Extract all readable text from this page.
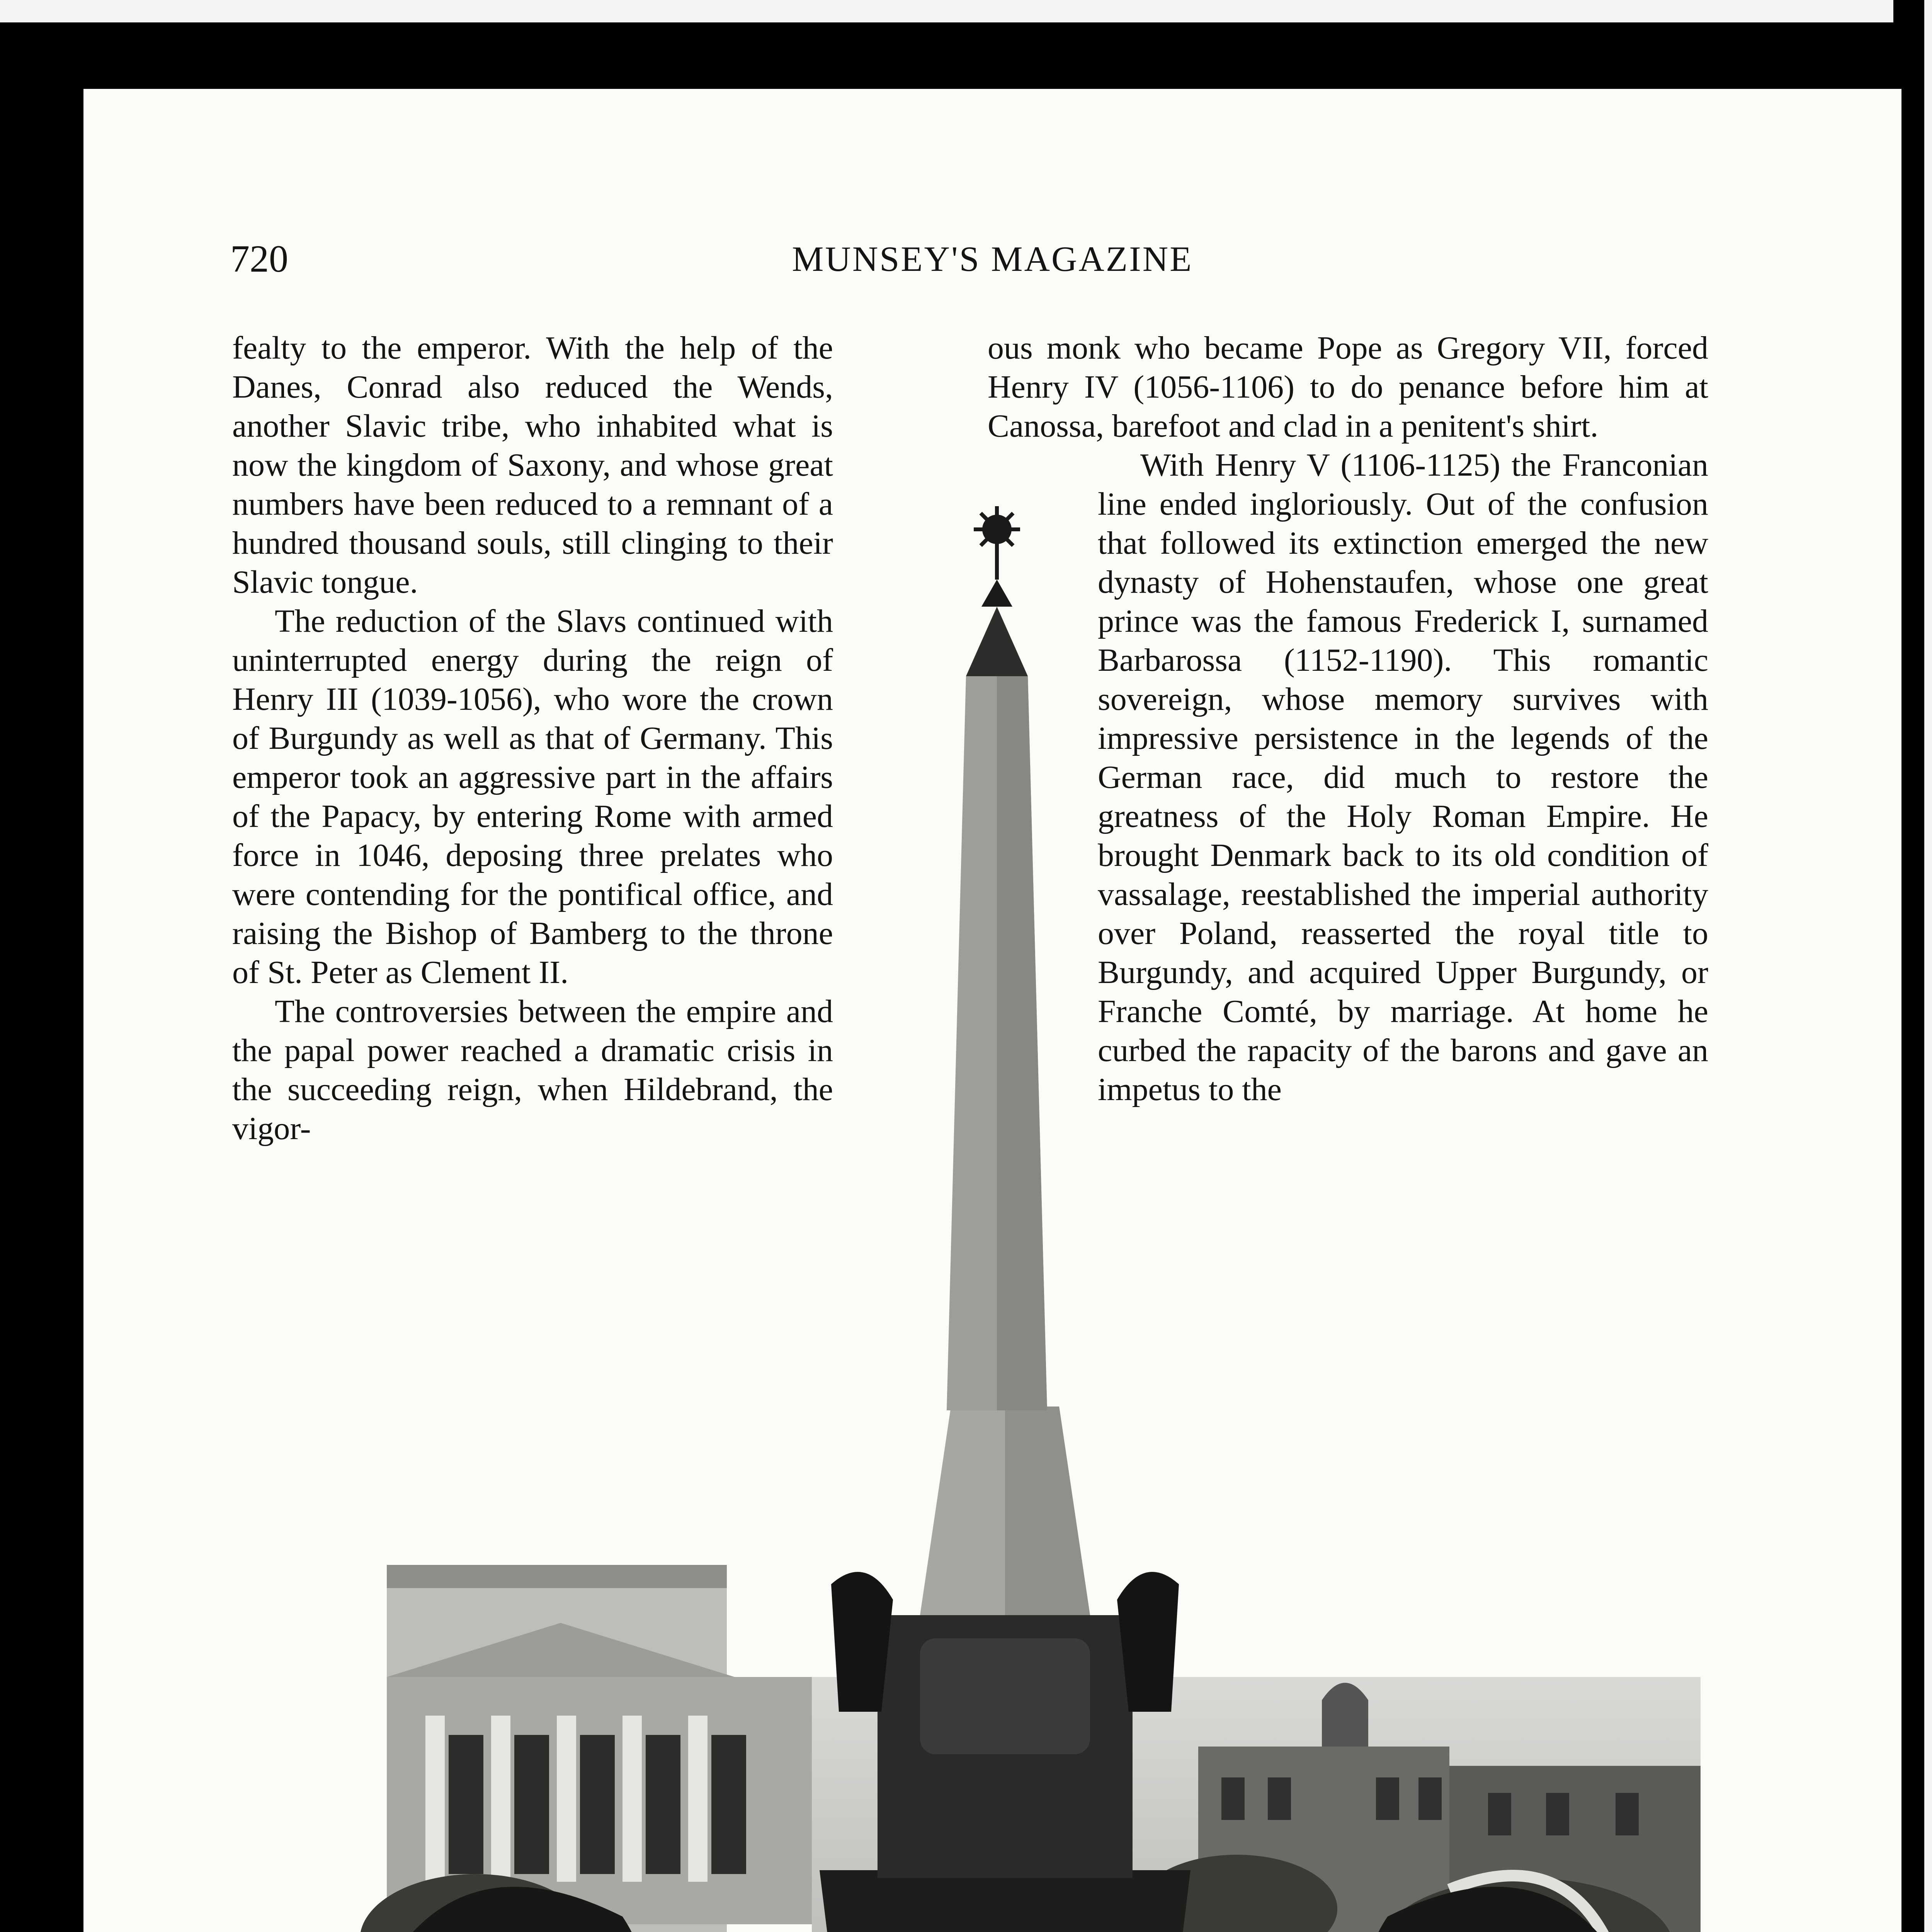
720	MUNSEY'S MAGAZINE

fealty to the emperor. With the help of the Danes, Conrad also reduced the Wends, another Slavic tribe, who inhabited what is now the kingdom of Saxony, and whose great numbers have been reduced to a remnant of a hundred thousand souls, still clinging to their Slavic tongue.

The reduction of the Slavs continued with uninterrupted energy during the reign of Henry III (1039-1056), who wore the crown of Burgundy as well as that of Germany. This emperor took an aggressive part in the affairs of the Papacy, by entering Rome with armed force in 1046, deposing three prelates who were contending for the pontifical office, and raising the Bishop of Bamberg to the throne of St. Peter as Clement II.

The controversies between the empire and the papal power reached a dramatic crisis in the succeeding reign, when Hildebrand, the vigor-

ous monk who became Pope as Gregory VII, forced Henry IV (1056-1106) to do penance before him at Canossa, barefoot and clad in a penitent's shirt.

With Henry V (1106-1125) the Franconian line ended ingloriously. Out of the confusion that followed its extinction emerged the new dynasty of Hohenstaufen, whose one great prince was the famous Frederick I, surnamed Barbarossa (1152-1190). This romantic sovereign, whose memory survives with impressive persistence in the legends of the German race, did much to restore the greatness of the Holy Roman Empire. He brought Denmark back to its old condition of vassalage, reestablished the imperial authority over Poland, reasserted the royal title to Burgundy, and acquired Upper Burgundy, or Franche Comté, by marriage. At home he curbed the rapacity of the barons and gave an impetus to the
